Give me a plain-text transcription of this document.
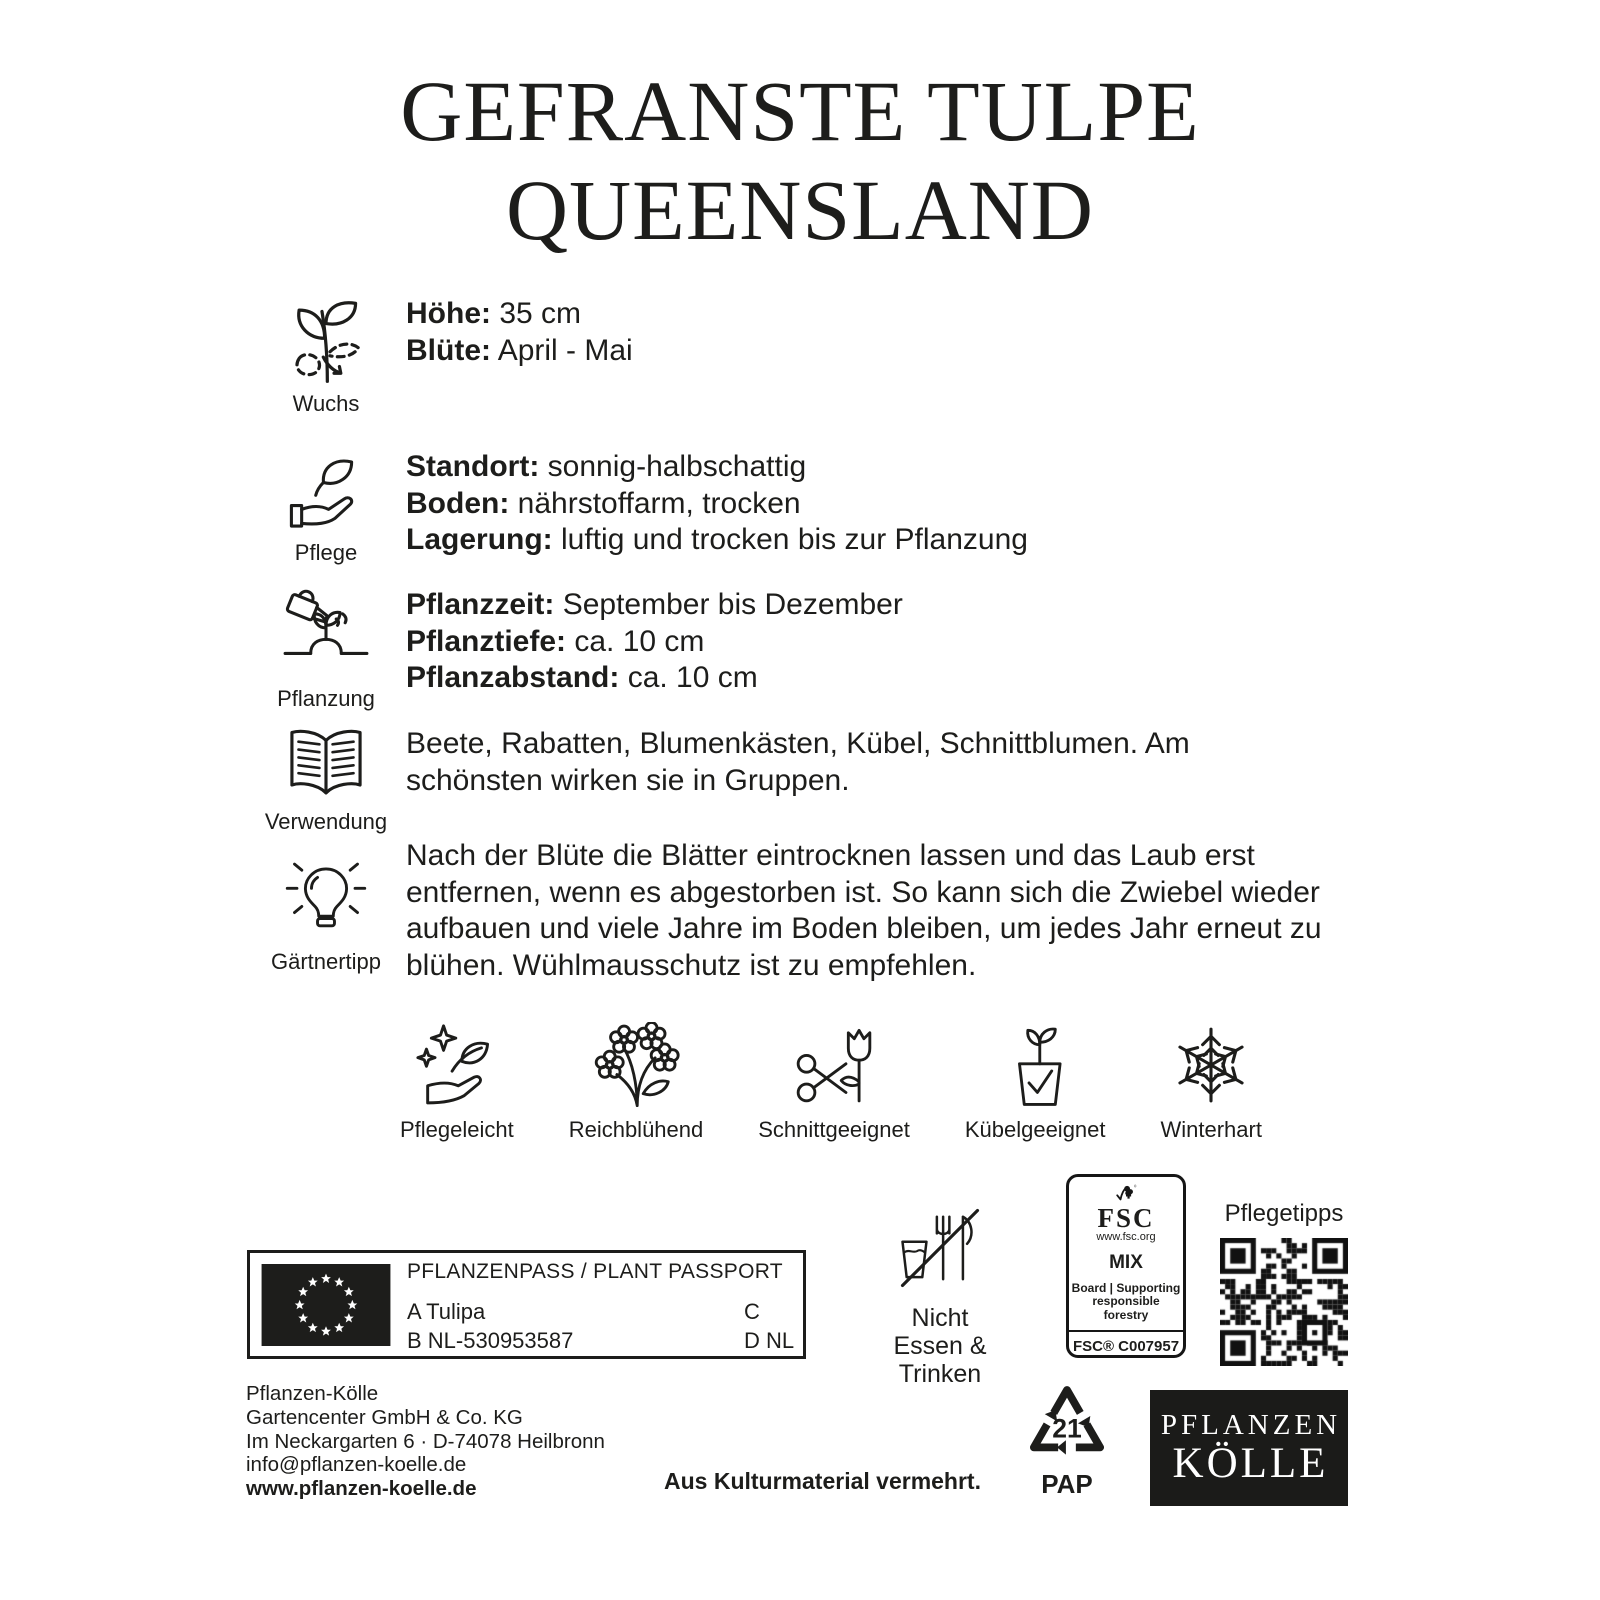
GEFRANSTE TULPE
QUEENSLAND
Wuchs
Höhe: 35 cm
Blüte: April - Mai
Pflege
Standort: sonnig-halbschattig
Boden: nährstoffarm, trocken
Lagerung: luftig und trocken bis zur Pflanzung
Pflanzung
Pflanzzeit: September bis Dezember
Pflanztiefe: ca. 10 cm
Pflanzabstand: ca. 10 cm
Verwendung
Beete, Rabatten, Blumenkästen, Kübel, Schnittblumen. Am schönsten wirken sie in Gruppen.
Gärtnertipp
Nach der Blüte die Blätter eintrocknen lassen und das Laub erst entfernen, wenn es abgestorben ist. So kann sich die Zwiebel wieder aufbauen und viele Jahre im Boden bleiben, um jedes Jahr erneut zu blühen. Wühlmausschutz ist zu empfehlen.
Pflegeleicht Reichblühend Schnittgeeignet Kübelgeeignet Winterhart
PFLANZENPASS / PLANT PASSPORT
A Tulipa
B NL-530953587
C
D NL
Nicht
Essen & Trinken
®
FSC
www.fsc.org
MIX
Board | Supporting
responsible forestry
FSC® C007957
Pflegetipps
Pflanzen-Kölle
Gartencenter GmbH & Co. KG
Im Neckargarten 6 · D-74078 Heilbronn
info@pflanzen-koelle.de
www.pflanzen-koelle.de	Aus Kulturmaterial vermehrt.
21
PAP
PFLANZEN
KÖLLE
